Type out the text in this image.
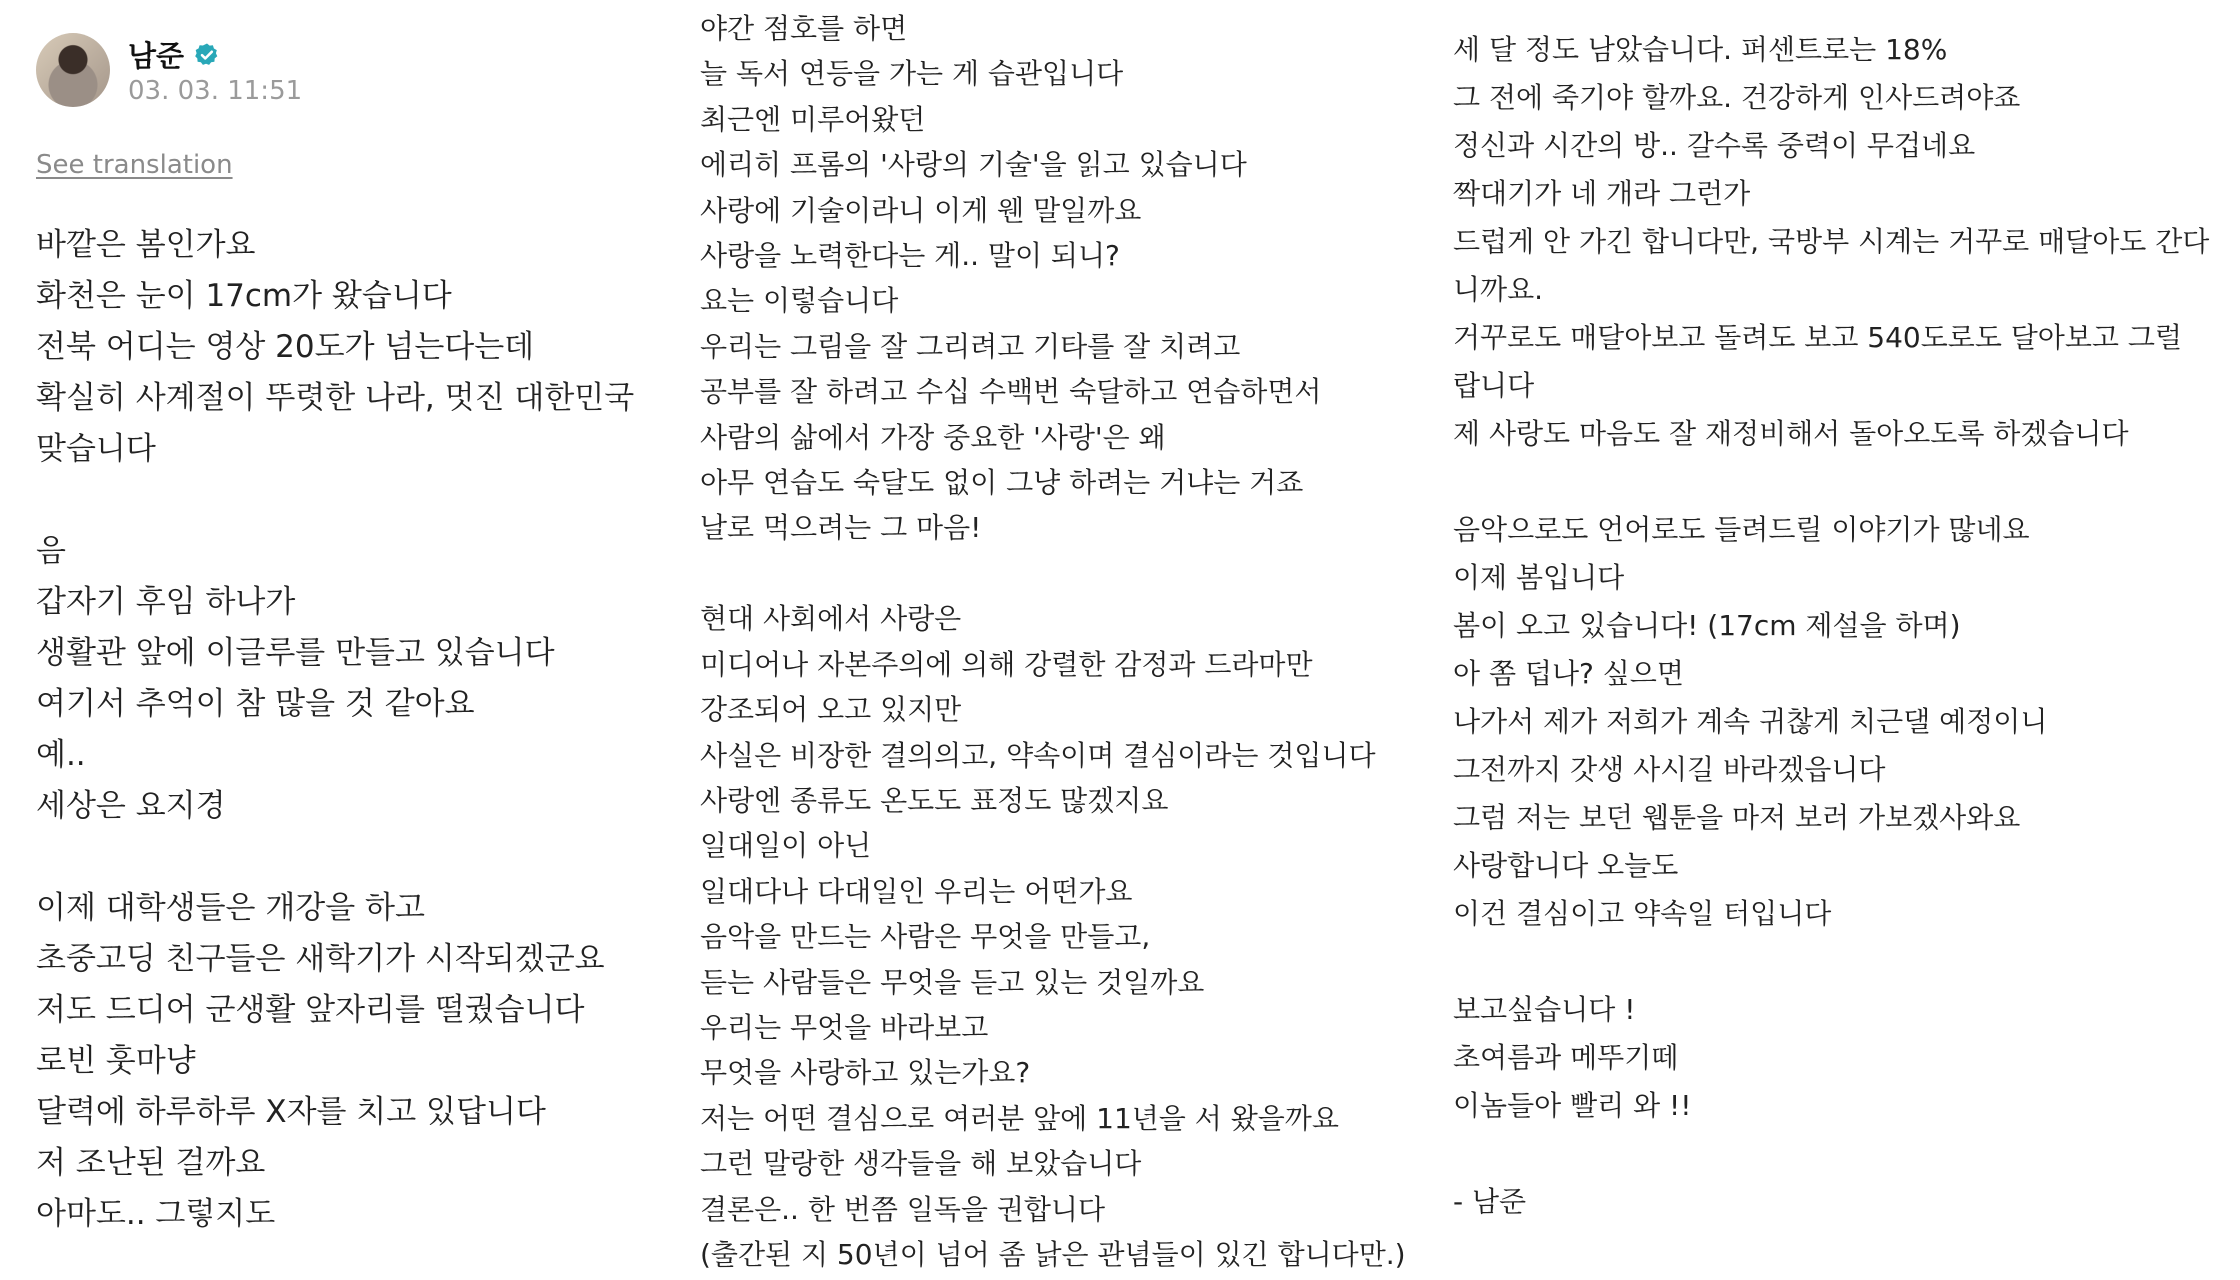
남준
03. 03. 11:51
See translation
바깥은 봄인가요
화천은 눈이 17cm가 왔습니다
전북 어디는 영상 20도가 넘는다는데
확실히 사계절이 뚜렷한 나라, 멋진 대한민국
맞습니다
음
갑자기 후임 하나가
생활관 앞에 이글루를 만들고 있습니다
여기서 추억이 참 많을 것 같아요
예..
세상은 요지경
이제 대학생들은 개강을 하고
초중고딩 친구들은 새학기가 시작되겠군요
저도 드디어 군생활 앞자리를 떨궜습니다
로빈 훗마냥
달력에 하루하루 X자를 치고 있답니다
저 조난된 걸까요
아마도.. 그렇지도
야간 점호를 하면
늘 독서 연등을 가는 게 습관입니다
최근엔 미루어왔던
에리히 프롬의 '사랑의 기술'을 읽고 있습니다
사랑에 기술이라니 이게 웬 말일까요
사랑을 노력한다는 게.. 말이 되니?
요는 이렇습니다
우리는 그림을 잘 그리려고 기타를 잘 치려고
공부를 잘 하려고 수십 수백번 숙달하고 연습하면서
사람의 삶에서 가장 중요한 '사랑'은 왜
아무 연습도 숙달도 없이 그냥 하려는 거냐는 거죠
날로 먹으려는 그 마음!
현대 사회에서 사랑은
미디어나 자본주의에 의해 강렬한 감정과 드라마만
강조되어 오고 있지만
사실은 비장한 결의의고, 약속이며 결심이라는 것입니다
사랑엔 종류도 온도도 표정도 많겠지요
일대일이 아닌
일대다나 다대일인 우리는 어떤가요
음악을 만드는 사람은 무엇을 만들고,
듣는 사람들은 무엇을 듣고 있는 것일까요
우리는 무엇을 바라보고
무엇을 사랑하고 있는가요?
저는 어떤 결심으로 여러분 앞에 11년을 서 왔을까요
그런 말랑한 생각들을 해 보았습니다
결론은.. 한 번쯤 일독을 권합니다
(출간된 지 50년이 넘어 좀 낡은 관념들이 있긴 합니다만.)
세 달 정도 남았습니다. 퍼센트로는 18%
그 전에 죽기야 할까요. 건강하게 인사드려야죠
정신과 시간의 방.. 갈수록 중력이 무겁네요
짝대기가 네 개라 그런가
드럽게 안 가긴 합니다만, 국방부 시계는 거꾸로 매달아도 간다
니까요.
거꾸로도 매달아보고 돌려도 보고 540도로도 달아보고 그럴
랍니다
제 사랑도 마음도 잘 재정비해서 돌아오도록 하겠습니다
음악으로도 언어로도 들려드릴 이야기가 많네요
이제 봄입니다
봄이 오고 있습니다! (17cm 제설을 하며)
아 쫌 덥나? 싶으면
나가서 제가 저희가 계속 귀찮게 치근댈 예정이니
그전까지 갓생 사시길 바라겠읍니다
그럼 저는 보던 웹툰을 마저 보러 가보겠사와요
사랑합니다 오늘도
이건 결심이고 약속일 터입니다
보고싶습니다 !
초여름과 메뚜기떼
이놈들아 빨리 와 !!
- 남준
